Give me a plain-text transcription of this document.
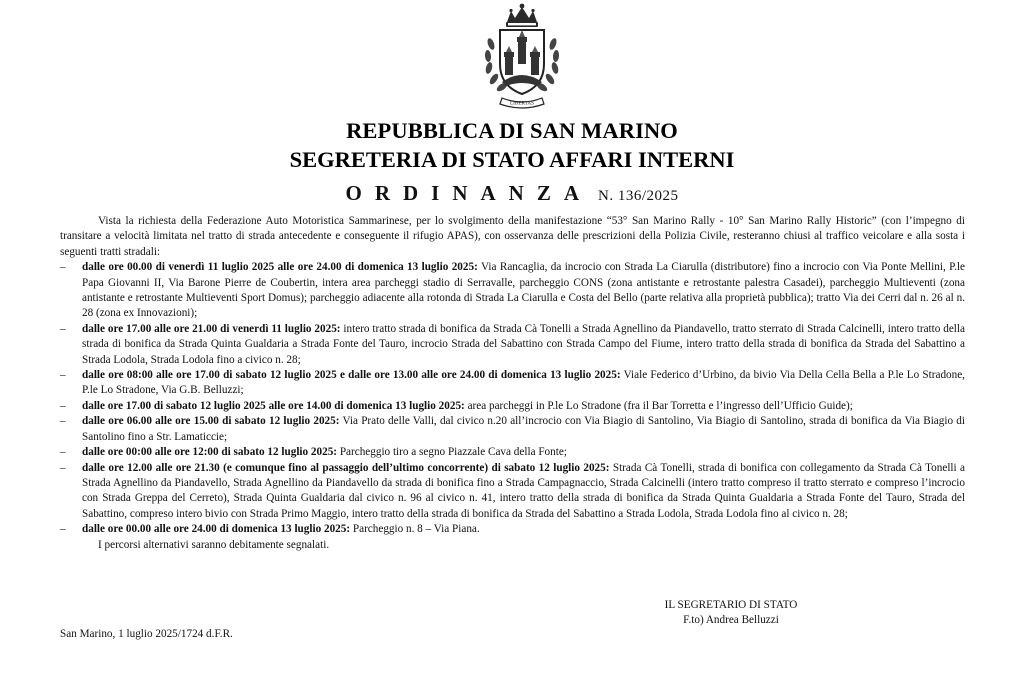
LIBERTAS
REPUBBLICA DI SAN MARINO
SEGRETERIA DI STATO AFFARI INTERNI
ORDINANZA N. 136/2025

Vista la richiesta della Federazione Auto Motoristica Sammarinese, per lo svolgimento della manifestazione “53° San Marino Rally - 10° San Marino Rally Historic” (con l’impegno di transitare a velocità limitata nel tratto di strada antecedente e conseguente il rifugio APAS), con osservanza delle prescrizioni della Polizia Civile, resteranno chiusi al traffico veicolare e alla sosta i seguenti tratti stradali:

– dalle ore 00.00 di venerdì 11 luglio 2025 alle ore 24.00 di domenica 13 luglio 2025: Via Rancaglia, da incrocio con Strada La Ciarulla (distributore) fino a incrocio con Via Ponte Mellini, P.le Papa Giovanni II, Via Barone Pierre de Coubertin, intera area parcheggi stadio di Serravalle, parcheggio CONS (zona antistante e retrostante palestra Casadei), parcheggio Multieventi (zona antistante e retrostante Multieventi Sport Domus); parcheggio adiacente alla rotonda di Strada La Ciarulla e Costa del Bello (parte relativa alla proprietà pubblica); tratto Via dei Cerri dal n. 26 al n. 28 (zona ex Innovazioni);
– dalle ore 17.00 alle ore 21.00 di venerdì 11 luglio 2025: intero tratto strada di bonifica da Strada Cà Tonelli a Strada Agnellino da Piandavello, tratto sterrato di Strada Calcinelli, intero tratto della strada di bonifica da Strada Quinta Gualdaria a Strada Fonte del Tauro, incrocio Strada del Sabattino con Strada Campo del Fiume, intero tratto della strada di bonifica da Strada del Sabattino a Strada Lodola, Strada Lodola fino a civico n. 28;
– dalle ore 08:00 alle ore 17.00 di sabato 12 luglio 2025 e dalle ore 13.00 alle ore 24.00 di domenica 13 luglio 2025: Viale Federico d’Urbino, da bivio Via Della Cella Bella a P.le Lo Stradone, P.le Lo Stradone, Via G.B. Belluzzi;
– dalle ore 17.00 di sabato 12 luglio 2025 alle ore 14.00 di domenica 13 luglio 2025: area parcheggi in P.le Lo Stradone (fra il Bar Torretta e l’ingresso dell’Ufficio Guide);
– dalle ore 06.00 alle ore 15.00 di sabato 12 luglio 2025: Via Prato delle Valli, dal civico n.20 all’incrocio con Via Biagio di Santolino, Via Biagio di Santolino, strada di bonifica da Via Biagio di Santolino fino a Str. Lamaticcie;
– dalle ore 00:00 alle ore 12:00 di sabato 12 luglio 2025: Parcheggio tiro a segno Piazzale Cava della Fonte;
– dalle ore 12.00 alle ore 21.30 (e comunque fino al passaggio dell’ultimo concorrente) di sabato 12 luglio 2025: Strada Cà Tonelli, strada di bonifica con collegamento da Strada Cà Tonelli a Strada Agnellino da Piandavello, Strada Agnellino da Piandavello da strada di bonifica fino a Strada Campagnaccio, Strada Calcinelli (intero tratto compreso il tratto sterrato e compreso l’incrocio con Strada Greppa del Cerreto), Strada Quinta Gualdaria dal civico n. 96 al civico n. 41, intero tratto della strada di bonifica da Strada Quinta Gualdaria a Strada Fonte del Tauro, Strada del Sabattino, compreso intero bivio con Strada Primo Maggio, intero tratto della strada di bonifica da Strada del Sabattino a Strada Lodola, Strada Lodola fino al civico n. 28;
– dalle ore 00.00 alle ore 24.00 di domenica 13 luglio 2025: Parcheggio n. 8 – Via Piana.

I percorsi alternativi saranno debitamente segnalati.

IL SEGRETARIO DI STATO
F.to) Andrea Belluzzi
San Marino, 1 luglio 2025/1724 d.F.R.
